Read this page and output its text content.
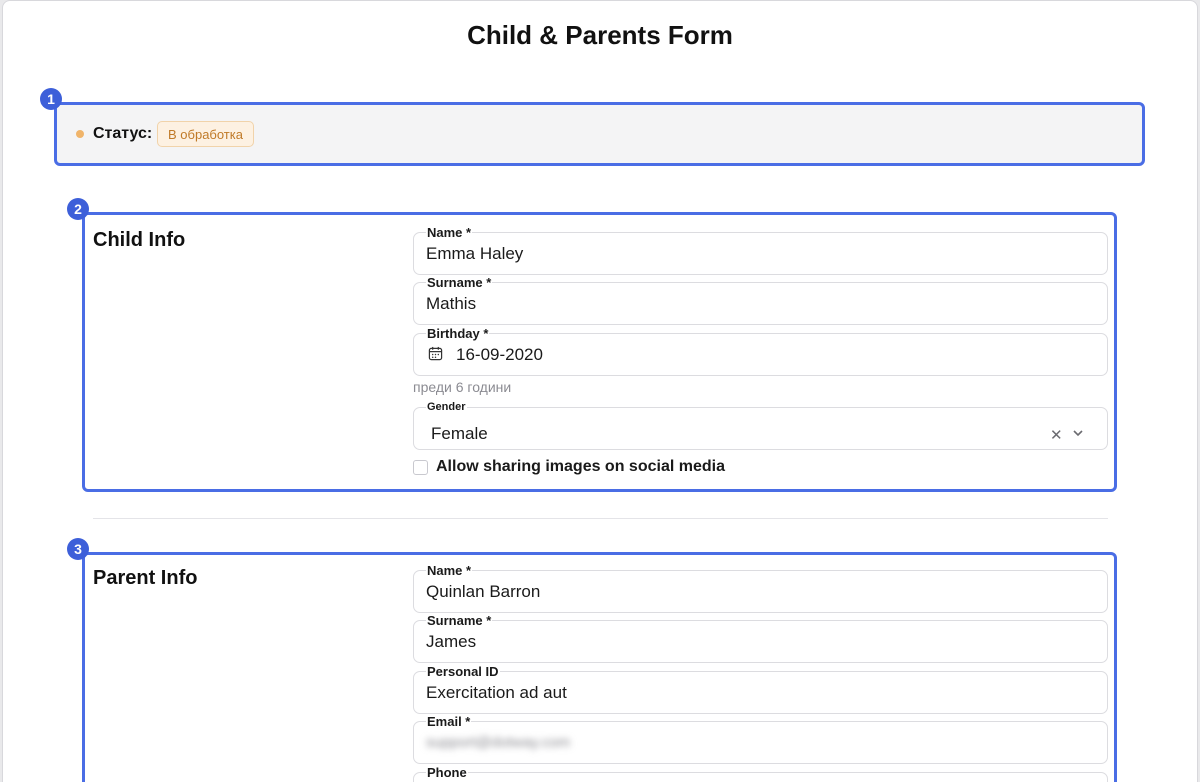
Child & Parents Form
1
Статус:	В обработка
2
Child Info	Name *
Emma Haley
Surname *
Mathis
Birthday *
16-09-2020
преди 6 години
Gender
Female	✕
Allow sharing images on social media
3
Parent Info	Name *
Quinlan Barron
Surname *
James
Personal ID
Exercitation ad aut
Email *
support@dotway.com
Phone
